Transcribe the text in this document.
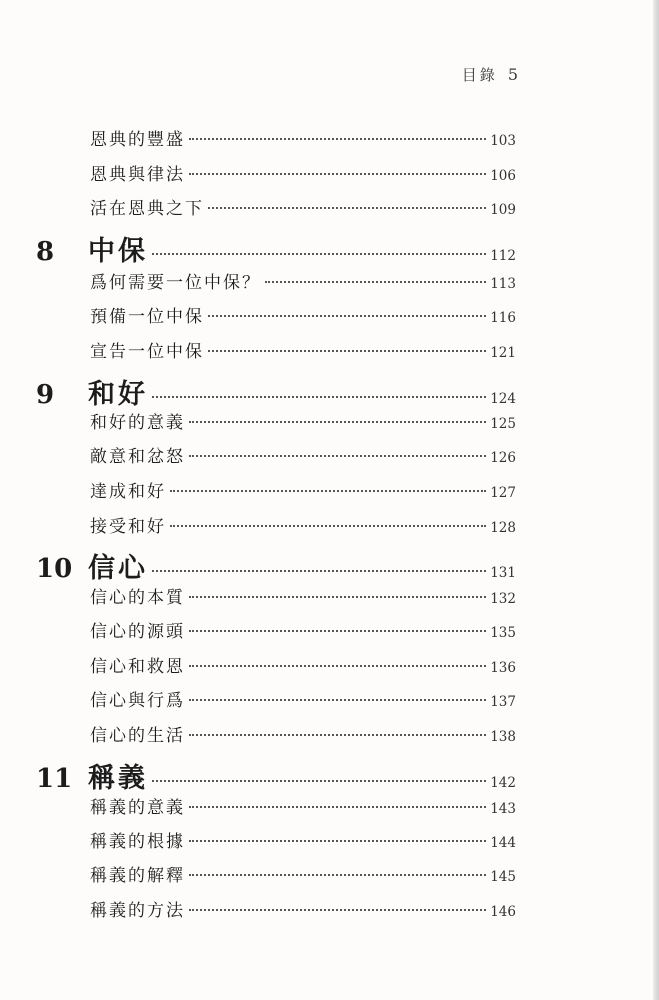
目錄 5
恩典的豐盛	103
恩典與律法	106
活在恩典之下	109
8	中保	112
爲何需要一位中保？	113
預備一位中保	116
宣告一位中保	121
9	和好	124
和好的意義	125
敵意和忿怒	126
達成和好	127
接受和好	128
10 信心	131
信心的本質	132
信心的源頭	135
信心和救恩	136
信心與行爲	137
信心的生活	138
11 稱義	142
稱義的意義	143
稱義的根據	144
稱義的解釋	145
稱義的方法	146
